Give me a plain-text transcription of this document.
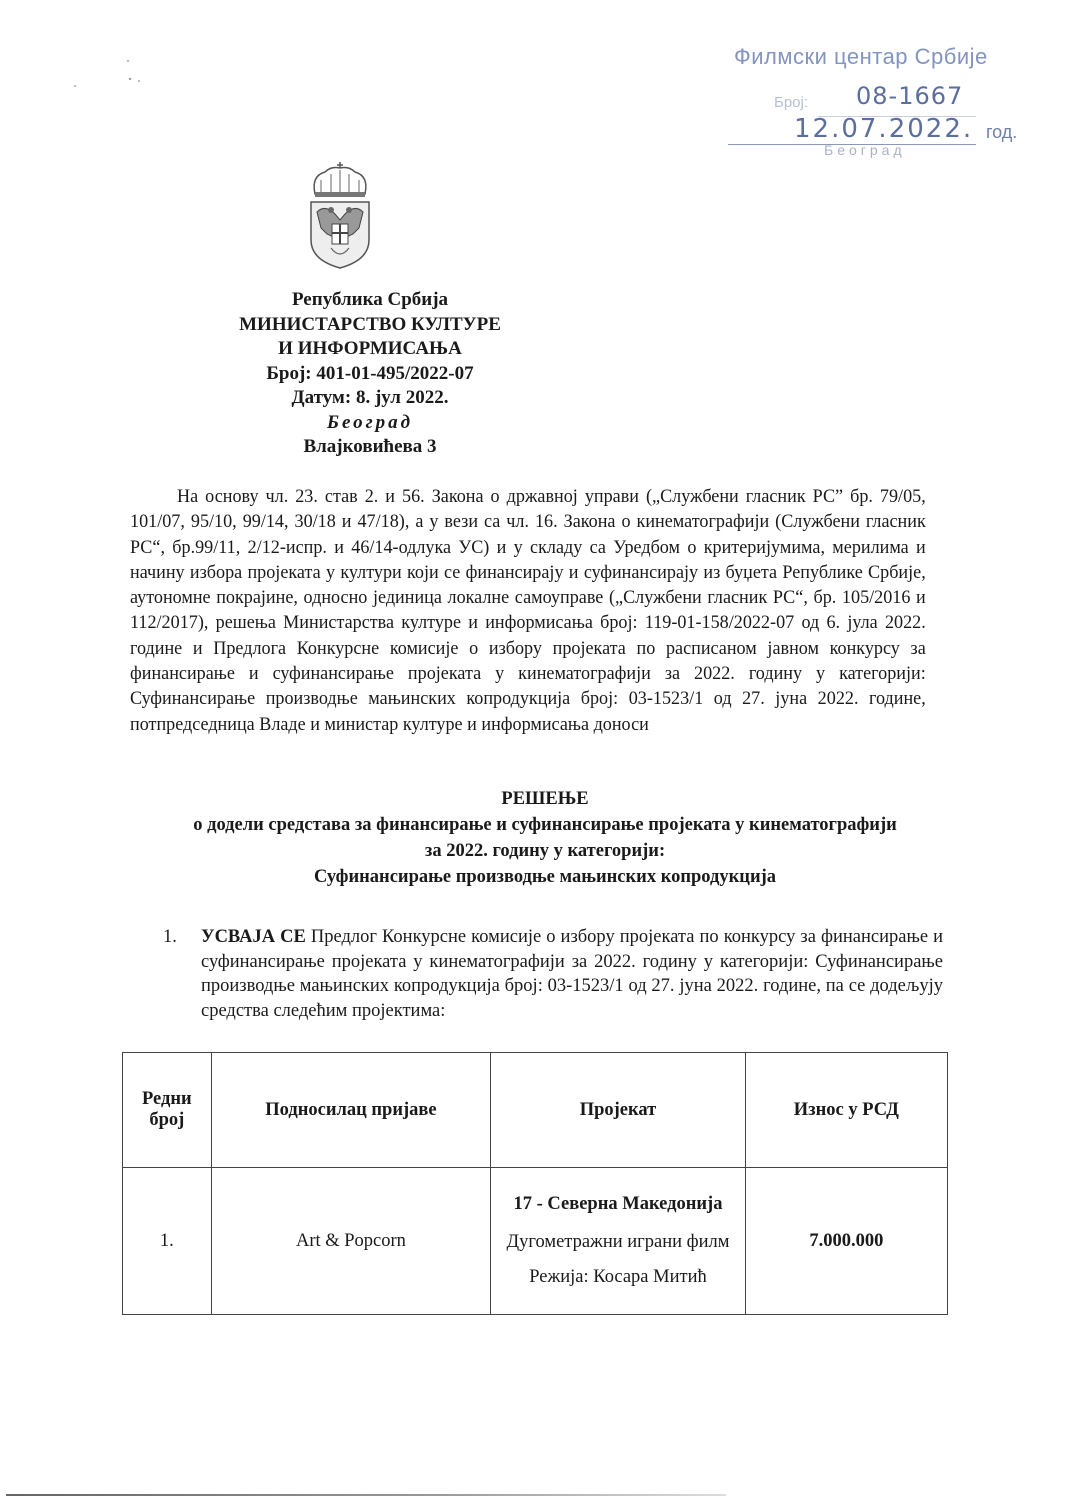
Филмски центар Србије
Број: 08-1667
12.07.2022. год.
Београд
Република Србија
МИНИСТАРСТВО КУЛТУРЕ
И ИНФОРМИСАЊА
Број: 401-01-495/2022-07
Датум: 8. јул 2022.
Београд
Влајковићева 3
На основу чл. 23. став 2. и 56. Закона о државној управи („Службени гласник РС” бр. 79/05, 101/07, 95/10, 99/14, 30/18 и 47/18), а у вези са чл. 16. Закона о кинематографији (Службени гласник РС“, бр.99/11, 2/12-испр. и 46/14-одлука УС) и у складу са Уредбом о критеријумима, мерилима и начину избора пројеката у култури који се финансирају и суфинансирају из буџета Републике Србије, аутономне покрајине, односно јединица локалне самоуправе („Службени гласник РС“, бр. 105/2016 и 112/2017), решења Министарства културе и информисања број: 119-01-158/2022-07 од 6. јула 2022. године и Предлога Конкурсне комисије о избору пројеката по расписаном јавном конкурсу за финансирање и суфинансирање пројеката у кинематографији за 2022. годину у категорији: Суфинансирање производње мањинских копродукција број: 03-1523/1 од 27. јуна 2022. године, потпредседница Владе и министар културе и информисања доноси
РЕШЕЊЕ
о додели средстава за финансирање и суфинансирање пројеката у кинематографији
за 2022. годину у категорији:
Суфинансирање производње мањинских копродукција
1. УСВАЈА СЕ Предлог Конкурсне комисије о избору пројеката по конкурсу за финансирање и суфинансирање пројеката у кинематографији за 2022. годину у категорији: Суфинансирање производње мањинских копродукција број: 03-1523/1 од 27. јуна 2022. године, па се додељују средства следећим пројектима:
Редни
број	Подносилац пријаве	Пројекат	Износ у РСД
1.	Art & Popcorn	17 - Северна Македонија
Дугометражни играни филм
Режија: Косара Митић	7.000.000
